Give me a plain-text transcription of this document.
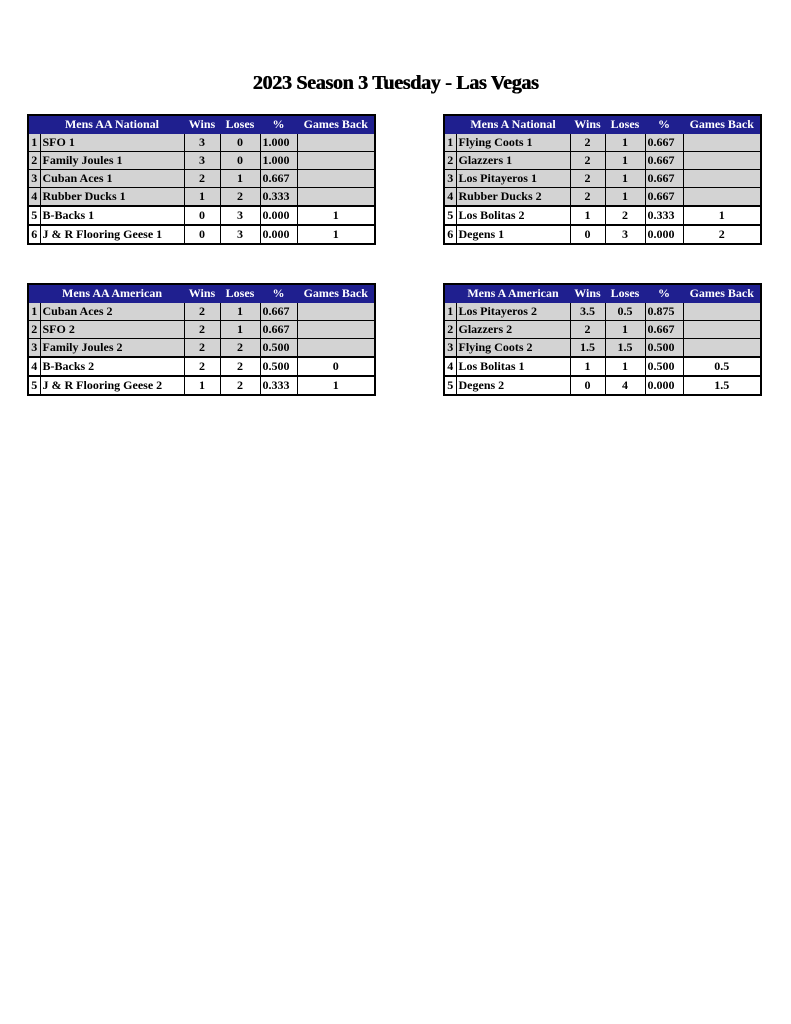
2023 Season 3 Tuesday - Las Vegas
	Mens AA National	Wins	Loses	%	Games Back
1	SFO 1	3	0	1.000	
2	Family Joules 1	3	0	1.000	
3	Cuban Aces 1	2	1	0.667	
4	Rubber Ducks 1	1	2	0.333	
5	B-Backs 1	0	3	0.000	1
6	J & R Flooring Geese 1	0	3	0.000	1
	Mens A National	Wins	Loses	%	Games Back
1	Flying Coots 1	2	1	0.667	
2	Glazzers 1	2	1	0.667	
3	Los Pitayeros 1	2	1	0.667	
4	Rubber Ducks 2	2	1	0.667	
5	Los Bolitas 2	1	2	0.333	1
6	Degens 1	0	3	0.000	2
	Mens AA American	Wins	Loses	%	Games Back
1	Cuban Aces 2	2	1	0.667	
2	SFO 2	2	1	0.667	
3	Family Joules 2	2	2	0.500	
4	B-Backs 2	2	2	0.500	0
5	J & R Flooring Geese 2	1	2	0.333	1
	Mens A American	Wins	Loses	%	Games Back
1	Los Pitayeros 2	3.5	0.5	0.875	
2	Glazzers 2	2	1	0.667	
3	Flying Coots 2	1.5	1.5	0.500	
4	Los Bolitas 1	1	1	0.500	0.5
5	Degens 2	0	4	0.000	1.5
